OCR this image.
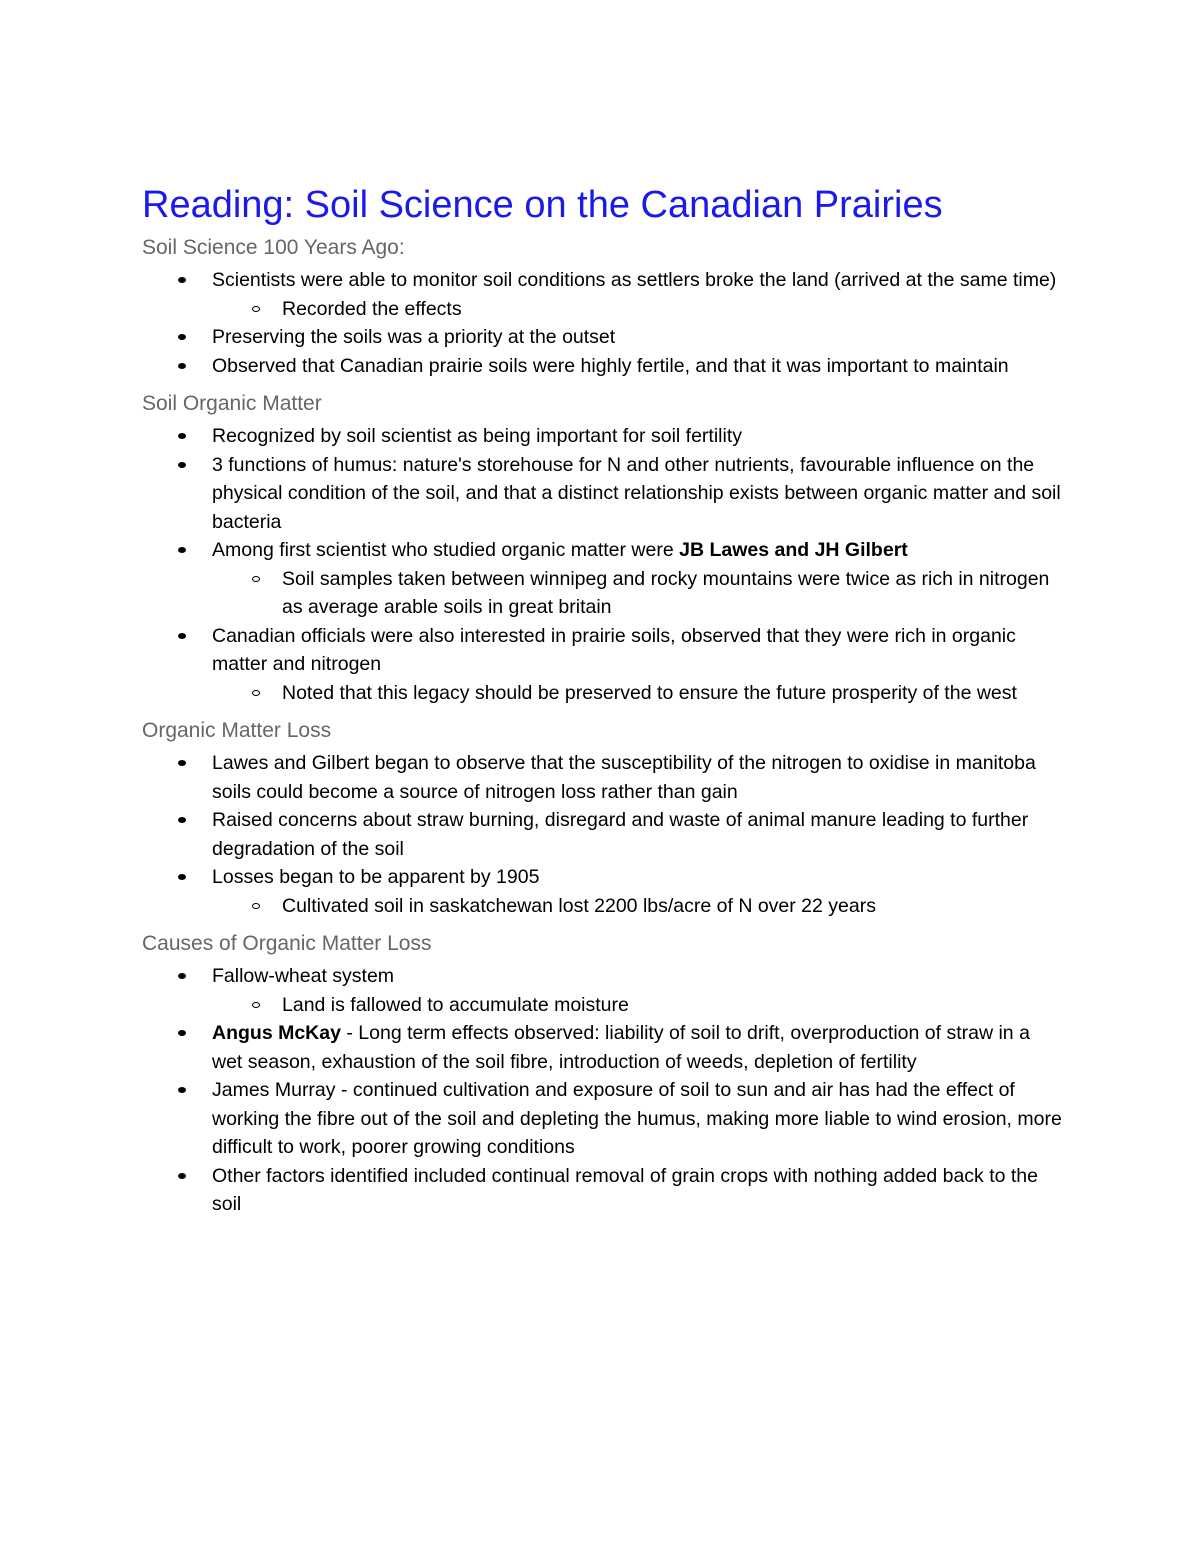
Reading: Soil Science on the Canadian Prairies
Soil Science 100 Years Ago:
Scientists were able to monitor soil conditions as settlers broke the land (arrived at the same time)
Recorded the effects
Preserving the soils was a priority at the outset
Observed that Canadian prairie soils were highly fertile, and that it was important to maintain
Soil Organic Matter
Recognized by soil scientist as being important for soil fertility
3 functions of humus: nature's storehouse for N and other nutrients, favourable influence on the physical condition of the soil, and that a distinct relationship exists between organic matter and soil bacteria
Among first scientist who studied organic matter were JB Lawes and JH Gilbert
Soil samples taken between winnipeg and rocky mountains were twice as rich in nitrogen as average arable soils in great britain
Canadian officials were also interested in prairie soils, observed that they were rich in organic matter and nitrogen
Noted that this legacy should be preserved to ensure the future prosperity of the west
Organic Matter Loss
Lawes and Gilbert began to observe that the susceptibility of the nitrogen to oxidise in manitoba soils could become a source of nitrogen loss rather than gain
Raised concerns about straw burning, disregard and waste of animal manure leading to further degradation of the soil
Losses began to be apparent by 1905
Cultivated soil in saskatchewan lost 2200 lbs/acre of N over 22 years
Causes of Organic Matter Loss
Fallow-wheat system
Land is fallowed to accumulate moisture
Angus McKay - Long term effects observed: liability of soil to drift, overproduction of straw in a wet season, exhaustion of the soil fibre, introduction of weeds, depletion of fertility
James Murray - continued cultivation and exposure of soil to sun and air has had the effect of working the fibre out of the soil and depleting the humus, making more liable to wind erosion, more difficult to work, poorer growing conditions
Other factors identified included continual removal of grain crops with nothing added back to the soil
